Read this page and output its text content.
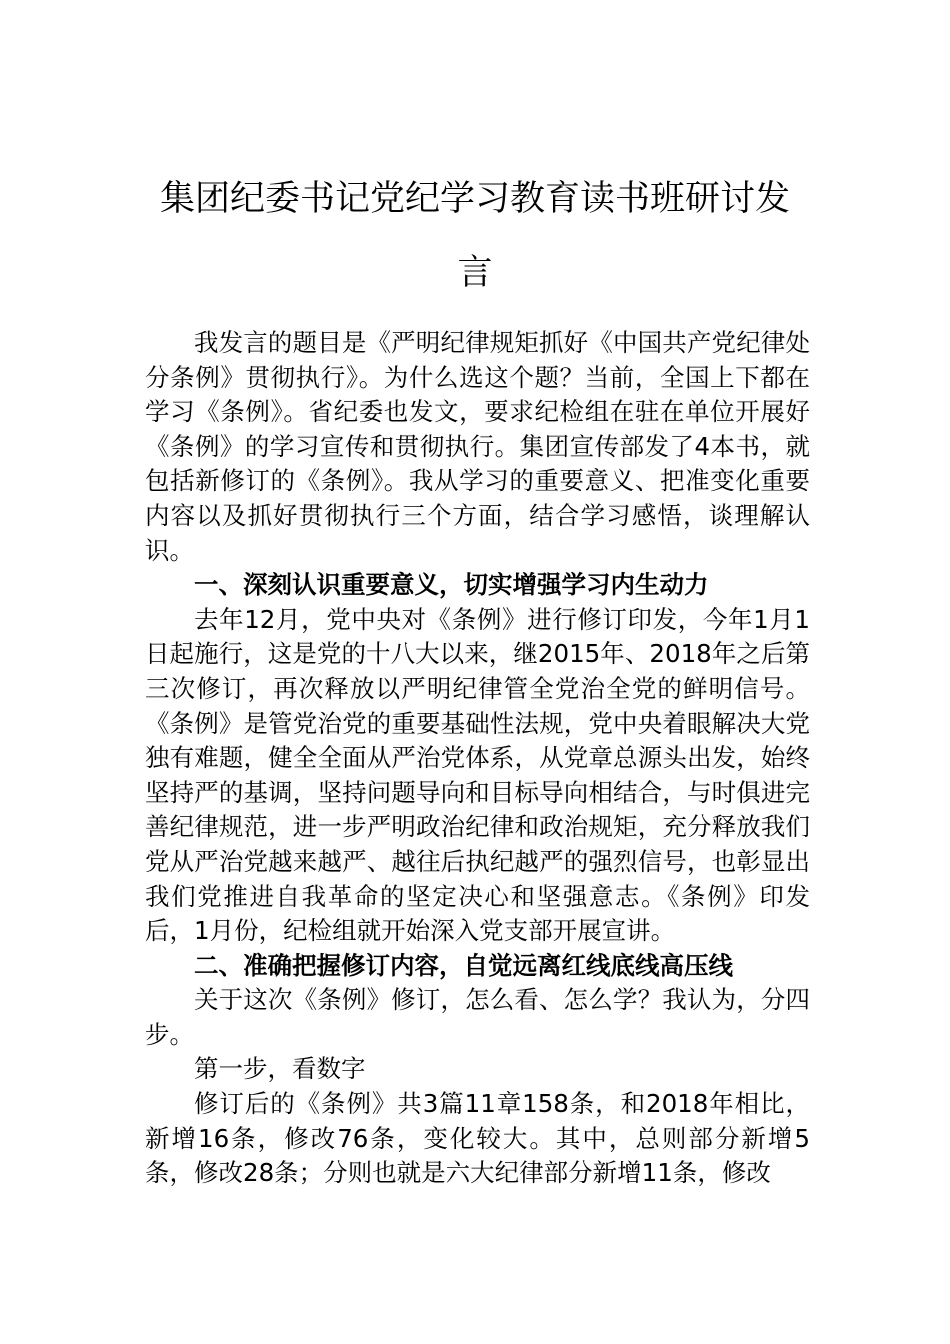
集团纪委书记党纪学习教育读书班研讨发言

我发言的题目是《严明纪律规矩抓好《中国共产党纪律处分条例》贯彻执行》。为什么选这个题？当前，全国上下都在学习《条例》。省纪委也发文，要求纪检组在驻在单位开展好《条例》的学习宣传和贯彻执行。集团宣传部发了4本书，就包括新修订的《条例》。我从学习的重要意义、把准变化重要内容以及抓好贯彻执行三个方面，结合学习感悟，谈理解认识。

一、深刻认识重要意义，切实增强学习内生动力

去年12月，党中央对《条例》进行修订印发，今年1月1日起施行，这是党的十八大以来，继2015年、2018年之后第三次修订，再次释放以严明纪律管全党治全党的鲜明信号。《条例》是管党治党的重要基础性法规，党中央着眼解决大党独有难题，健全全面从严治党体系，从党章总源头出发，始终坚持严的基调，坚持问题导向和目标导向相结合，与时俱进完善纪律规范，进一步严明政治纪律和政治规矩，充分释放我们党从严治党越来越严、越往后执纪越严的强烈信号，也彰显出我们党推进自我革命的坚定决心和坚强意志。《条例》印发后，1月份，纪检组就开始深入党支部开展宣讲。

二、准确把握修订内容，自觉远离红线底线高压线

关于这次《条例》修订，怎么看、怎么学？我认为，分四步。

第一步，看数字

修订后的《条例》共3篇11章158条，和2018年相比，新增16条，修改76条，变化较大。其中，总则部分新增5条，修改28条；分则也就是六大纪律部分新增11条，修改
